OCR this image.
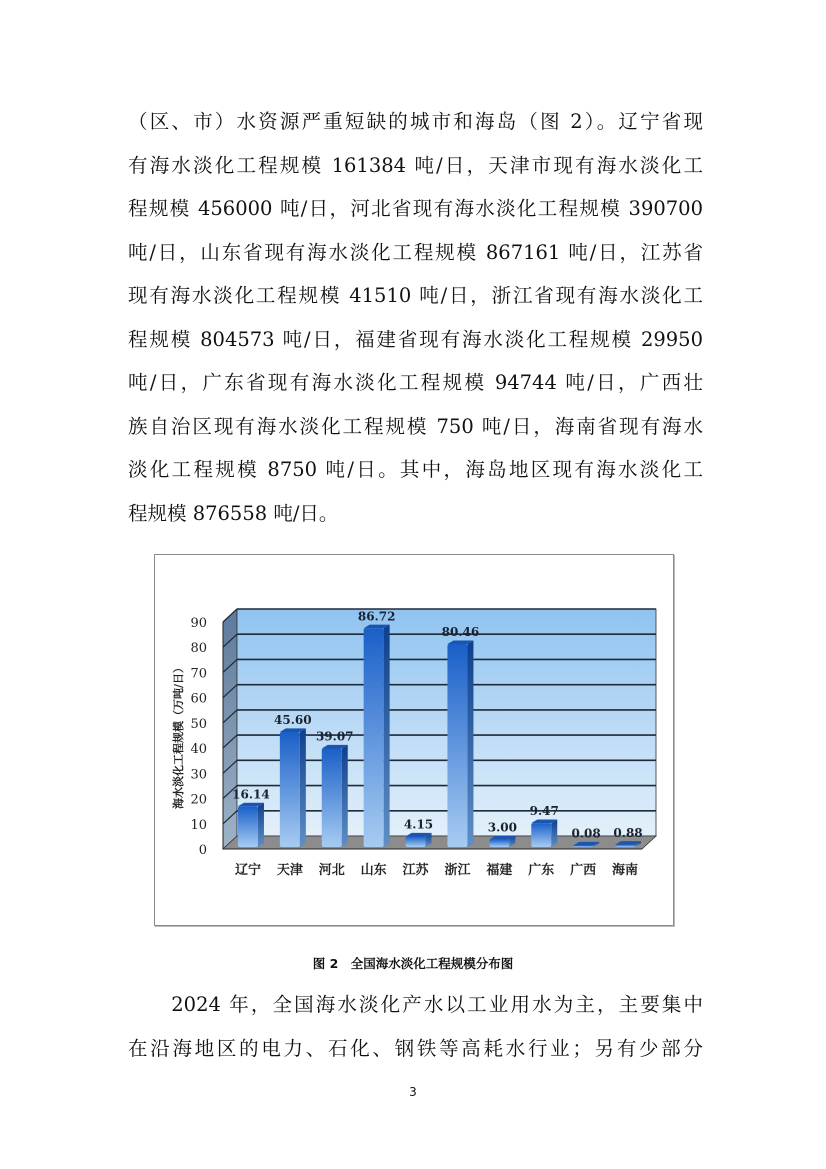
（区、市）水资源严重短缺的城市和海岛（图 2）。辽宁省现
有海水淡化工程规模 161384 吨/日，天津市现有海水淡化工
程规模 456000 吨/日，河北省现有海水淡化工程规模 390700
吨/日，山东省现有海水淡化工程规模 867161 吨/日，江苏省
现有海水淡化工程规模 41510 吨/日，浙江省现有海水淡化工
程规模 804573 吨/日，福建省现有海水淡化工程规模 29950
吨/日，广东省现有海水淡化工程规模 94744 吨/日，广西壮
族自治区现有海水淡化工程规模 750 吨/日，海南省现有海水
淡化工程规模 8750 吨/日。其中，海岛地区现有海水淡化工
程规模 876558 吨/日。
0
10
20
30
40
50
60
70
80
90
海水淡化工程规模（万吨/日）	16.14
辽宁
45.60
天津
39.07
河北
86.72
山东
4.15
江苏
80.46
浙江
3.00
福建
9.47
广东
0.08
广西
0.88
海南
图 2　全国海水淡化工程规模分布图
　　2024 年，全国海水淡化产水以工业用水为主，主要集中
在沿海地区的电力、石化、钢铁等高耗水行业；另有少部分
3
